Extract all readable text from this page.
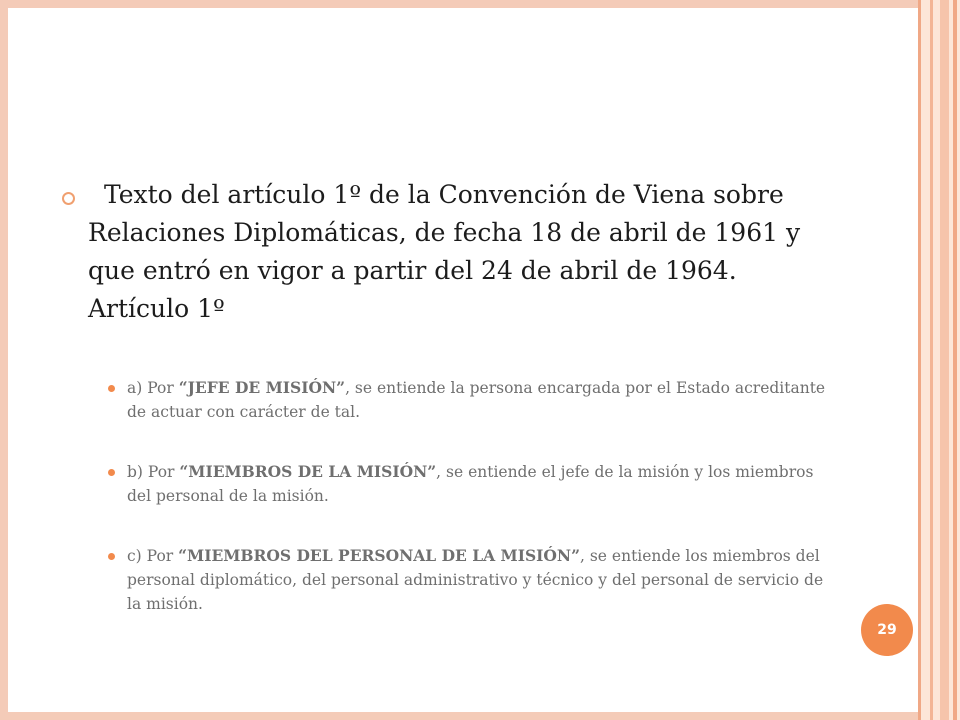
Texto del artículo 1º de la Convención de Viena sobre Relaciones Diplomáticas, de fecha 18 de abril de 1961 y que entró en vigor a partir del 24 de abril de 1964. Artículo 1º

a) Por “JEFE DE MISIÓN”, se entiende la persona encargada por el Estado acreditante de actuar con carácter de tal.
b) Por “MIEMBROS DE LA MISIÓN”, se entiende el jefe de la misión y los miembros del personal de la misión.
c) Por “MIEMBROS DEL PERSONAL DE LA MISIÓN”, se entiende los miembros del personal diplomático, del personal administrativo y técnico y del personal de servicio de la misión.
29
